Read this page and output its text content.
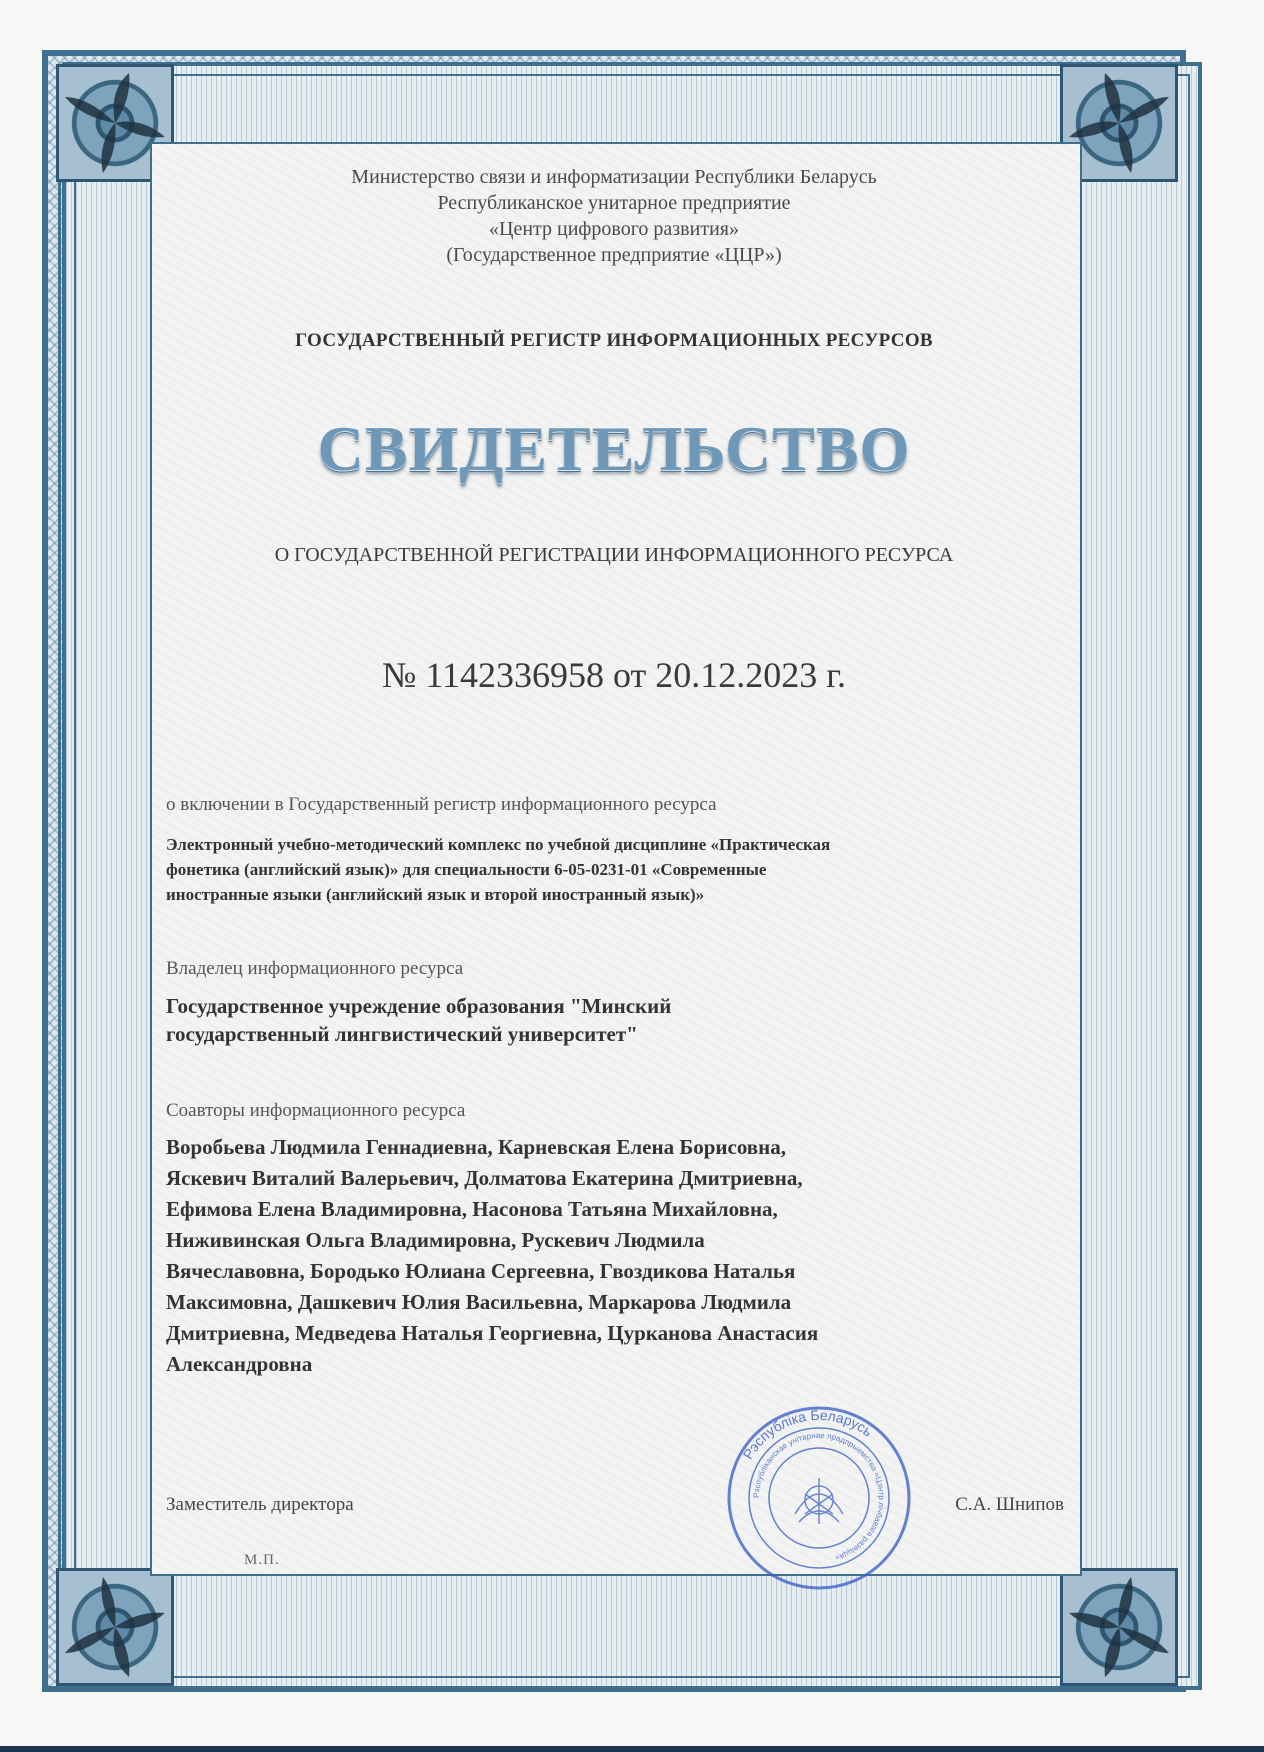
Министерство связи и информатизации Республики Беларусь
Республиканское унитарное предприятие
«Центр цифрового развития»
(Государственное предприятие «ЦЦР»)
ГОСУДАРСТВЕННЫЙ РЕГИСТР ИНФОРМАЦИОННЫХ РЕСУРСОВ
СВИДЕТЕЛЬСТВО
О ГОСУДАРСТВЕННОЙ РЕГИСТРАЦИИ ИНФОРМАЦИОННОГО РЕСУРСА
№ 1142336958 от 20.12.2023 г.
о включении в Государственный регистр информационного ресурса
Электронный учебно-методический комплекс по учебной дисциплине «Практическая
фонетика (английский язык)» для специальности 6-05-0231-01 «Современные
иностранные языки (английский язык и второй иностранный язык)»
Владелец информационного ресурса
Государственное учреждение образования "Минский
государственный лингвистический университет"
Соавторы информационного ресурса
Воробьева Людмила Геннадиевна, Карневская Елена Борисовна,
Яскевич Виталий Валерьевич, Долматова Екатерина Дмитриевна,
Ефимова Елена Владимировна, Насонова Татьяна Михайловна,
Ниживинская Ольга Владимировна, Рускевич Людмила
Вячеславовна, Бородько Юлиана Сергеевна, Гвоздикова Наталья
Максимовна, Дашкевич Юлия Васильевна, Маркарова Людмила
Дмитриевна, Медведева Наталья Георгиевна, Цурканова Анастасия
Александровна
Заместитель директора	С.А. Шнипов
М.П.
Рэспубліка Беларусь
Рэспубліканскае унітарнае прадпрыемства «Цэнтр лічбавага развіцця»
